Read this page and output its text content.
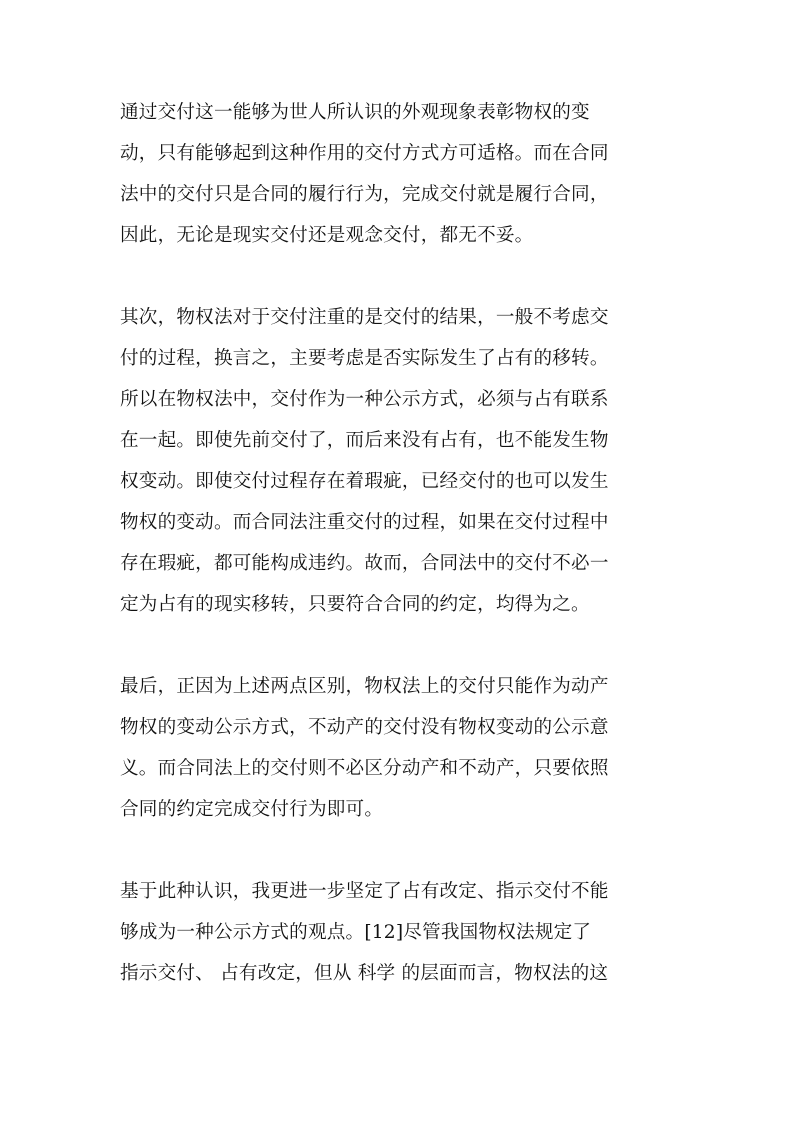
通过交付这一能够为世人所认识的外观现象表彰物权的变
动，只有能够起到这种作用的交付方式方可适格。而在合同
法中的交付只是合同的履行行为，完成交付就是履行合同，
因此，无论是现实交付还是观念交付，都无不妥。
其次，物权法对于交付注重的是交付的结果，一般不考虑交
付的过程，换言之，主要考虑是否实际发生了占有的移转。
所以在物权法中，交付作为一种公示方式，必须与占有联系
在一起。即使先前交付了，而后来没有占有，也不能发生物
权变动。即使交付过程存在着瑕疵，已经交付的也可以发生
物权的变动。而合同法注重交付的过程，如果在交付过程中
存在瑕疵，都可能构成违约。故而，合同法中的交付不必一
定为占有的现实移转，只要符合合同的约定，均得为之。
最后，正因为上述两点区别，物权法上的交付只能作为动产
物权的变动公示方式，不动产的交付没有物权变动的公示意
义。而合同法上的交付则不必区分动产和不动产，只要依照
合同的约定完成交付行为即可。
基于此种认识，我更进一步坚定了占有改定、指示交付不能
够成为一种公示方式的观点。[12]尽管我国物权法规定了
指示交付、 占有改定，但从 科学 的层面而言，物权法的这
